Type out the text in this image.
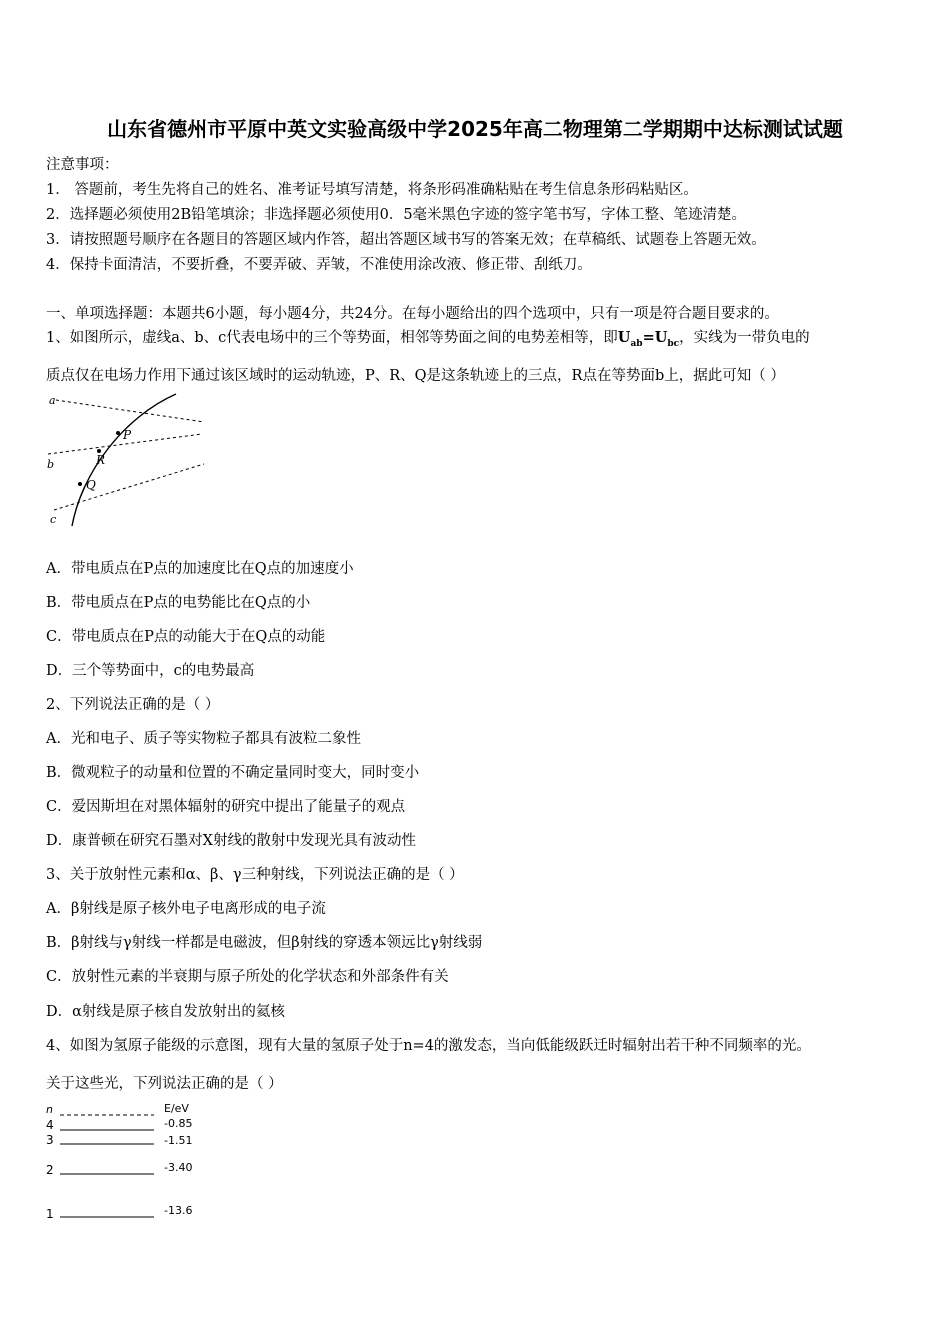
山东省德州市平原中英文实验高级中学2025年高二物理第二学期期中达标测试试题
注意事项：
1． 答题前，考生先将自己的姓名、准考证号填写清楚，将条形码准确粘贴在考生信息条形码粘贴区。
2．选择题必须使用2B铅笔填涂；非选择题必须使用0．5毫米黑色字迹的签字笔书写，字体工整、笔迹清楚。
3．请按照题号顺序在各题目的答题区域内作答，超出答题区域书写的答案无效；在草稿纸、试题卷上答题无效。
4．保持卡面清洁，不要折叠，不要弄破、弄皱，不准使用涂改液、修正带、刮纸刀。
一、单项选择题：本题共6小题，每小题4分，共24分。在每小题给出的四个选项中，只有一项是符合题目要求的。
1、如图所示，虚线a、b、c代表电场中的三个等势面，相邻等势面之间的电势差相等，即$U_{ab}=U_{bc}$，实线为一带负电的
质点仅在电场力作用下通过该区域时的运动轨迹，P、R、Q是这条轨迹上的三点，R点在等势面b上，据此可知（ ）
a
b
c
P
R
Q
A．带电质点在P点的加速度比在Q点的加速度小
B．带电质点在P点的电势能比在Q点的小
C．带电质点在P点的动能大于在Q点的动能
D．三个等势面中，c的电势最高
2、下列说法正确的是（ ）
A．光和电子、质子等实物粒子都具有波粒二象性
B．微观粒子的动量和位置的不确定量同时变大，同时变小
C．爱因斯坦在对黑体辐射的研究中提出了能量子的观点
D．康普顿在研究石墨对X射线的散射中发现光具有波动性
3、关于放射性元素和α、β、γ三种射线，下列说法正确的是（ ）
A．β射线是原子核外电子电离形成的电子流
B．β射线与γ射线一样都是电磁波，但β射线的穿透本领远比γ射线弱
C．放射性元素的半衰期与原子所处的化学状态和外部条件有关
D．α射线是原子核自发放射出的氦核
4、如图为氢原子能级的示意图，现有大量的氢原子处于n=4的激发态，当向低能级跃迁时辐射出若干种不同频率的光。
关于这些光，下列说法正确的是（ ）
n	E/eV
4
3
2
1
-0.85
-1.51
-3.40
-13.6
